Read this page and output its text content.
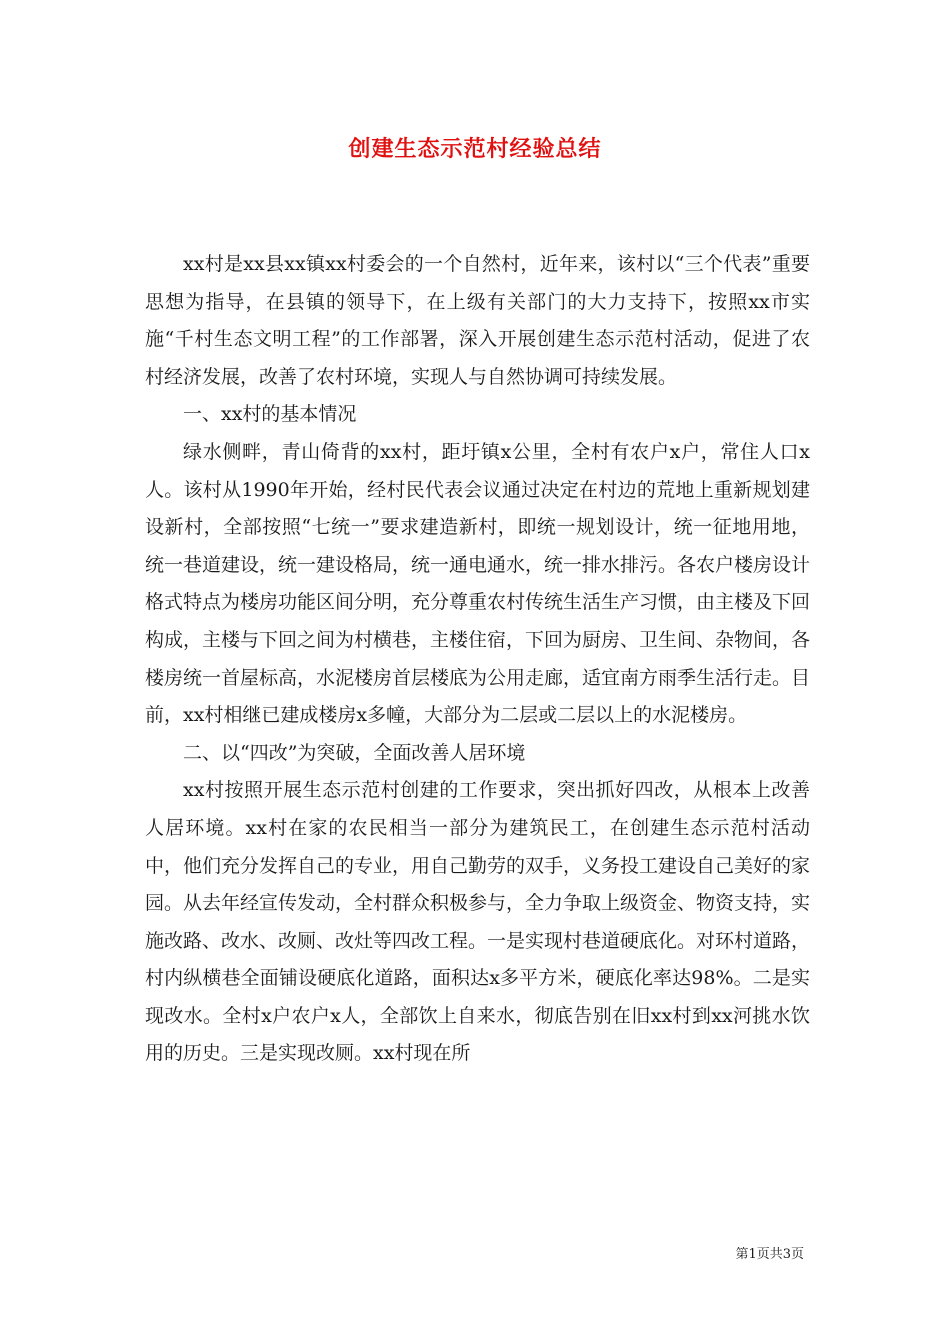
创建生态示范村经验总结

xx村是xx县xx镇xx村委会的一个自然村，近年来，该村以“三个代表”重要思想为指导，在县镇的领导下，在上级有关部门的大力支持下，按照xx市实施“千村生态文明工程”的工作部署，深入开展创建生态示范村活动，促进了农村经济发展，改善了农村环境，实现人与自然协调可持续发展。

一、xx村的基本情况

绿水侧畔，青山倚背的xx村，距圩镇x公里，全村有农户x户，常住人口x人。该村从1990年开始，经村民代表会议通过决定在村边的荒地上重新规划建设新村，全部按照“七统一”要求建造新村，即统一规划设计，统一征地用地，统一巷道建设，统一建设格局，统一通电通水，统一排水排污。各农户楼房设计格式特点为楼房功能区间分明，充分尊重农村传统生活生产习惯，由主楼及下回构成，主楼与下回之间为村横巷，主楼住宿，下回为厨房、卫生间、杂物间，各楼房统一首屋标高，水泥楼房首层楼底为公用走廊，适宜南方雨季生活行走。目前，xx村相继已建成楼房x多幢，大部分为二层或二层以上的水泥楼房。

二、以“四改”为突破，全面改善人居环境

xx村按照开展生态示范村创建的工作要求，突出抓好四改，从根本上改善人居环境。xx村在家的农民相当一部分为建筑民工，在创建生态示范村活动中，他们充分发挥自己的专业，用自己勤劳的双手，义务投工建设自己美好的家园。从去年经宣传发动，全村群众积极参与，全力争取上级资金、物资支持，实施改路、改水、改厕、改灶等四改工程。一是实现村巷道硬底化。对环村道路，村内纵横巷全面铺设硬底化道路，面积达x多平方米，硬底化率达98%。二是实现改水。全村x户农户x人，全部饮上自来水，彻底告别在旧xx村到xx河挑水饮用的历史。三是实现改厕。xx村现在所

第1页共3页
